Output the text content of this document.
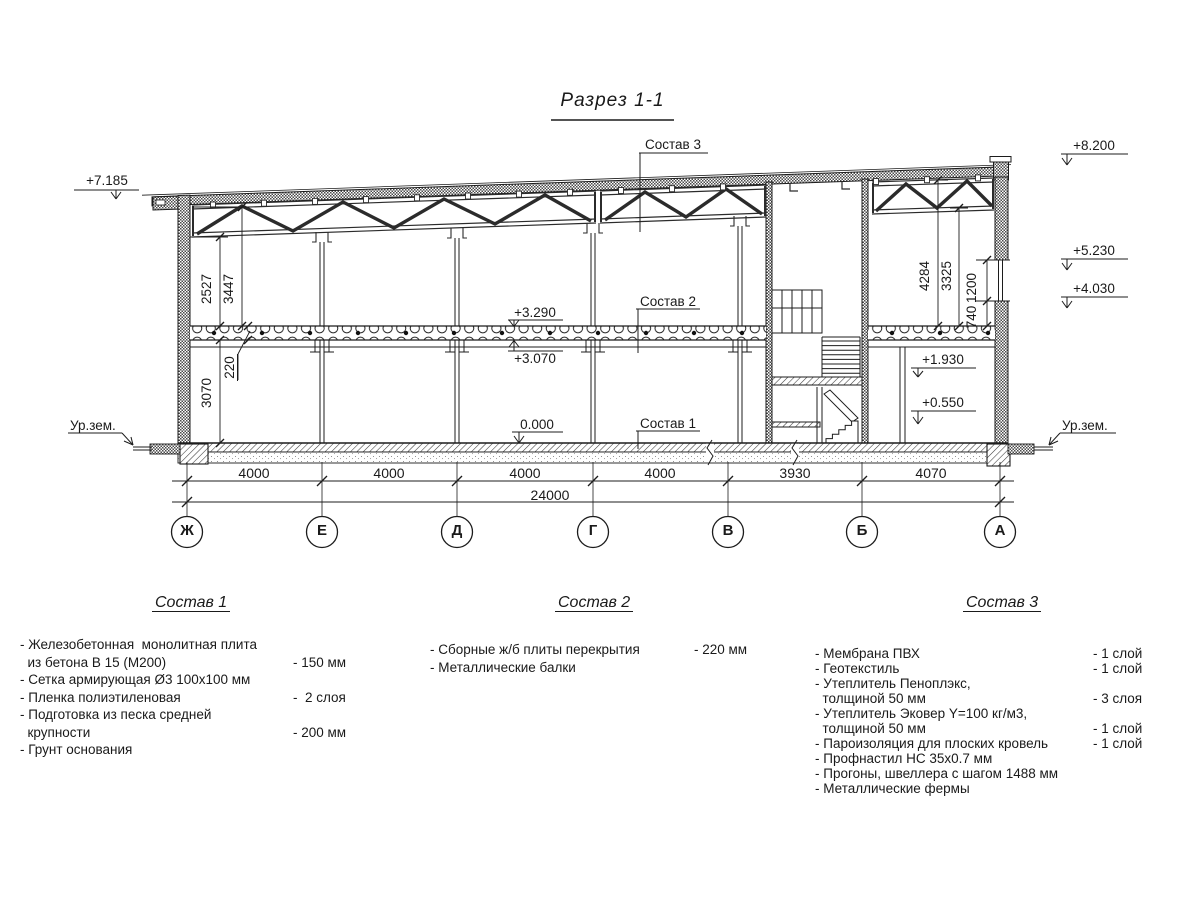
Разрез 1-1
Состав 3
Состав 2
Состав 1
+7.185
+8.200
+5.230
+4.030
+3.290
+3.070
0.000
+1.930
+0.550
Ур.зем.	Ур.зем.
2527 3447
220
3070
4284 3325 1200
740
4000	4000	4000	4000	3930	4070
24000
Ж	Е	Д	Г	В	Б	А
Состав 1
- Железобетонная  монолитная плита
из бетона В 15 (М200)	- 150 мм
- Сетка армирующая Ø3 100х100 мм
- Пленка полиэтиленовая	-  2 слоя
- Подготовка из песка средней
крупности	- 200 мм
- Грунт основания
Состав 2
- Сборные ж/б плиты перекрытия	- 220 мм
- Металлические балки
Состав 3
- Мембрана ПВХ	- 1 слой
- Геотекстиль	- 1 слой
- Утеплитель Пеноплэкс,
толщиной 50 мм	- 3 слоя
- Утеплитель Эковер Y=100 кг/м3,
толщиной 50 мм	- 1 слой
- Пароизоляция для плоских кровель	- 1 слой
- Профнастил НС 35х0.7 мм
- Прогоны, швеллера с шагом 1488 мм
- Металлические фермы
